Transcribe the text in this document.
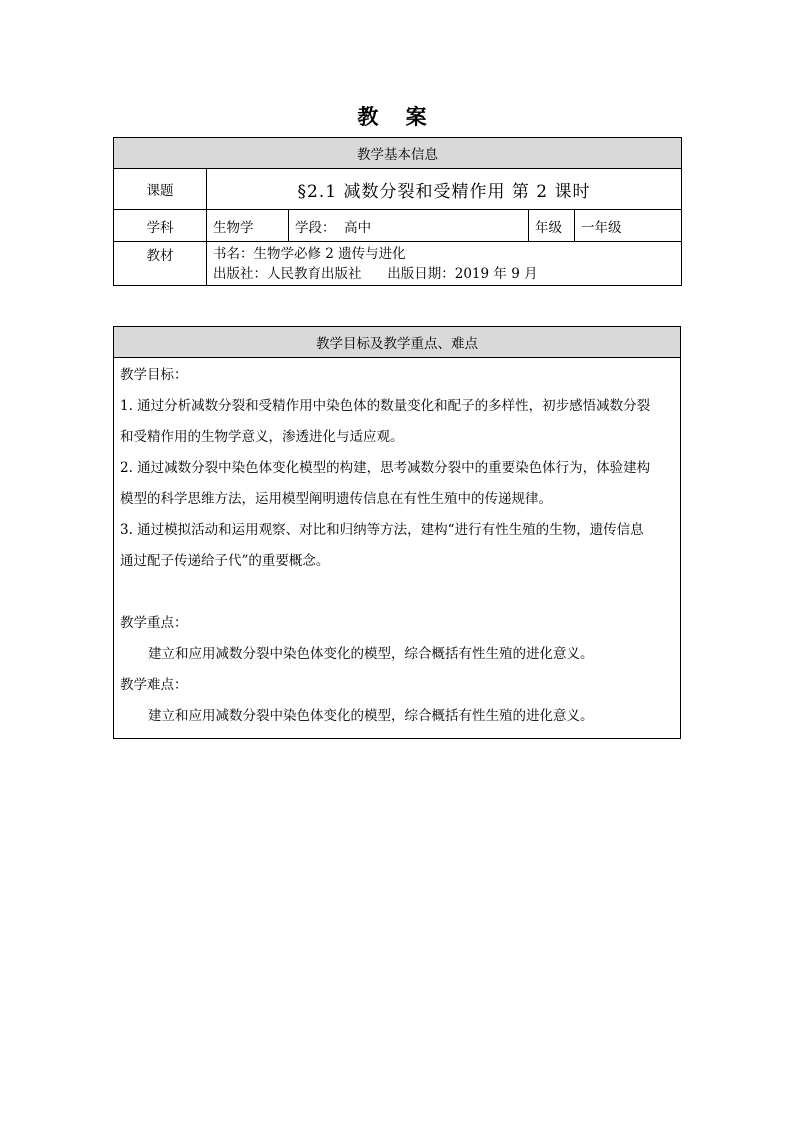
教 案
教学基本信息				
课题	§2.1 减数分裂和受精作用 第 2 课时			
学科	生物学	学段： 高中	年级	一年级
教材	书名：生物学必修 2 遗传与进化
出版社：人民教育出版社 出版日期：2019 年 9 月			
教学目标及教学重点、难点

教学目标：

1. 通过分析减数分裂和受精作用中染色体的数量变化和配子的多样性，初步感悟减数分裂

和受精作用的生物学意义，渗透进化与适应观。

2. 通过减数分裂中染色体变化模型的构建，思考减数分裂中的重要染色体行为，体验建构

模型的科学思维方法，运用模型阐明遗传信息在有性生殖中的传递规律。

3. 通过模拟活动和运用观察、对比和归纳等方法，建构“进行有性生殖的生物，遗传信息

通过配子传递给子代”的重要概念。

教学重点：

建立和应用减数分裂中染色体变化的模型，综合概括有性生殖的进化意义。

教学难点：

建立和应用减数分裂中染色体变化的模型，综合概括有性生殖的进化意义。
